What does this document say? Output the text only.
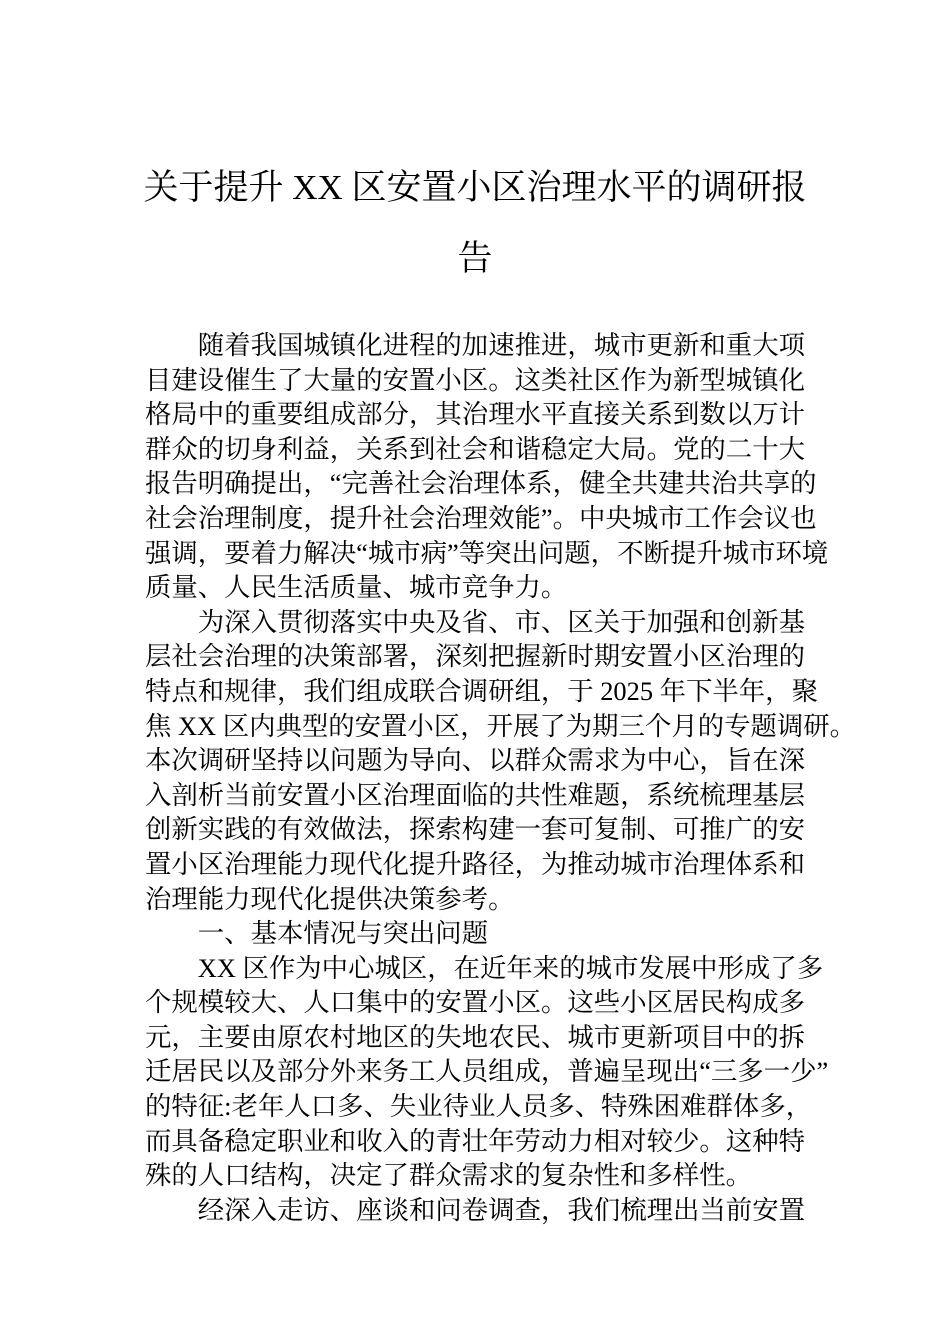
关于提升 XX 区安置小区治理水平的调研报
告

随着我国城镇化进程的加速推进，城市更新和重大项
目建设催生了大量的安置小区。这类社区作为新型城镇化
格局中的重要组成部分，其治理水平直接关系到数以万计
群众的切身利益，关系到社会和谐稳定大局。党的二十大
报告明确提出，“完善社会治理体系，健全共建共治共享的
社会治理制度，提升社会治理效能”。中央城市工作会议也
强调，要着力解决“城市病”等突出问题，不断提升城市环境
质量、人民生活质量、城市竞争力。

为深入贯彻落实中央及省、市、区关于加强和创新基
层社会治理的决策部署，深刻把握新时期安置小区治理的
特点和规律，我们组成联合调研组，于 2025 年下半年，聚
焦 XX 区内典型的安置小区，开展了为期三个月的专题调研。
本次调研坚持以问题为导向、以群众需求为中心，旨在深
入剖析当前安置小区治理面临的共性难题，系统梳理基层
创新实践的有效做法，探索构建一套可复制、可推广的安
置小区治理能力现代化提升路径，为推动城市治理体系和
治理能力现代化提供决策参考。

一、基本情况与突出问题

XX 区作为中心城区，在近年来的城市发展中形成了多
个规模较大、人口集中的安置小区。这些小区居民构成多
元，主要由原农村地区的失地农民、城市更新项目中的拆
迁居民以及部分外来务工人员组成，普遍呈现出“三多一少”
的特征:老年人口多、失业待业人员多、特殊困难群体多，
而具备稳定职业和收入的青壮年劳动力相对较少。这种特
殊的人口结构，决定了群众需求的复杂性和多样性。

经深入走访、座谈和问卷调查，我们梳理出当前安置
